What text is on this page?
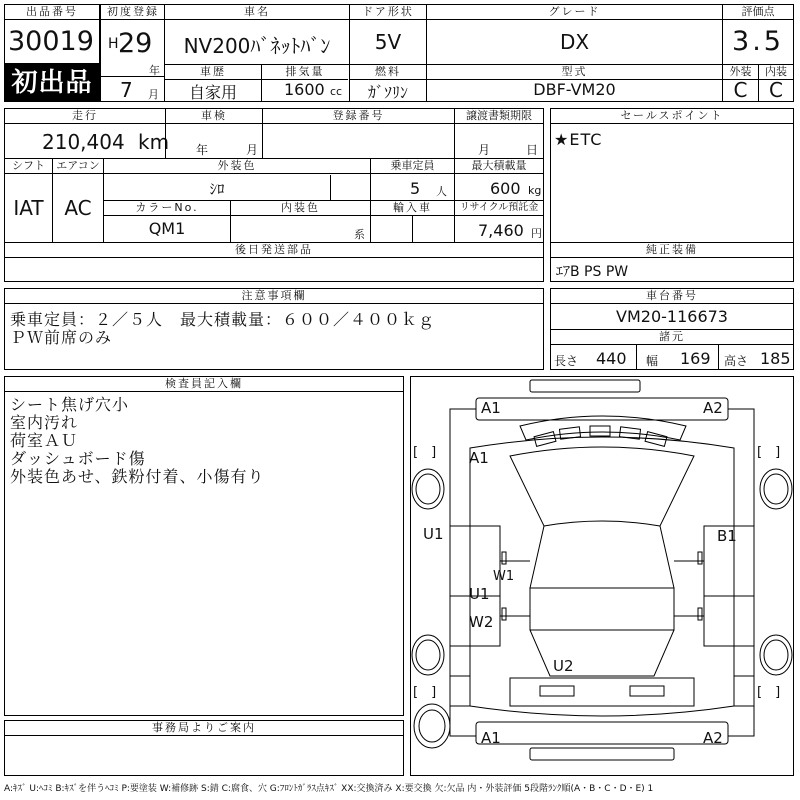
出品番号
30019
初出品
初度登録
H 29
年
7 月
車名
NV200ﾊﾞﾈｯﾄﾊﾞﾝ
ドア形状
5V
グレード
DX
評価点
3.5
車歴
自家用
排気量
1600 cc
燃料
ｶﾞｿﾘﾝ
型式
DBF-VM20
外装	内装
C	C
走行
210,404 km
車検
年	月
登録番号	譲渡書類期限
月	日
シフト	エアコン
IAT	AC
外装色
ｼﾛ
乗車定員
5 人
最大積載量
600 kg
カラーNo.
QM1
内装色
系
輸入車	リサイクル預託金
7,460 円
後日発送部品
セールスポイント
★ETC
純正装備
ｴｱB PS PW
注意事項欄
乗車定員：２／５人　最大積載量：６００／４００ｋｇ
ＰＷ前席のみ
車台番号
VM20-116673
諸元
長さ 440 幅 169 高さ 185
検査員記入欄
シート焦げ穴小
室内汚れ
荷室ＡＵ
ダッシュボード傷
外装色あせ、鉄粉付着、小傷有り
事務局よりご案内
A1	A2
[　]	[　]
A1
U1	B1
W1
U1
W2
U2
[　]	[　]
A1	A2
A:ｷｽﾞ U:ﾍｺﾐ B:ｷｽﾞを伴うﾍｺﾐ P:要塗装 W:補修跡 S:錆 C:腐食、穴 G:ﾌﾛﾝﾄｶﾞﾗｽ点ｷｽﾞ XX:交換済み X:要交換 欠:欠品 内・外装評価 5段階ﾗﾝｸ順(A・B・C・D・E) 1
